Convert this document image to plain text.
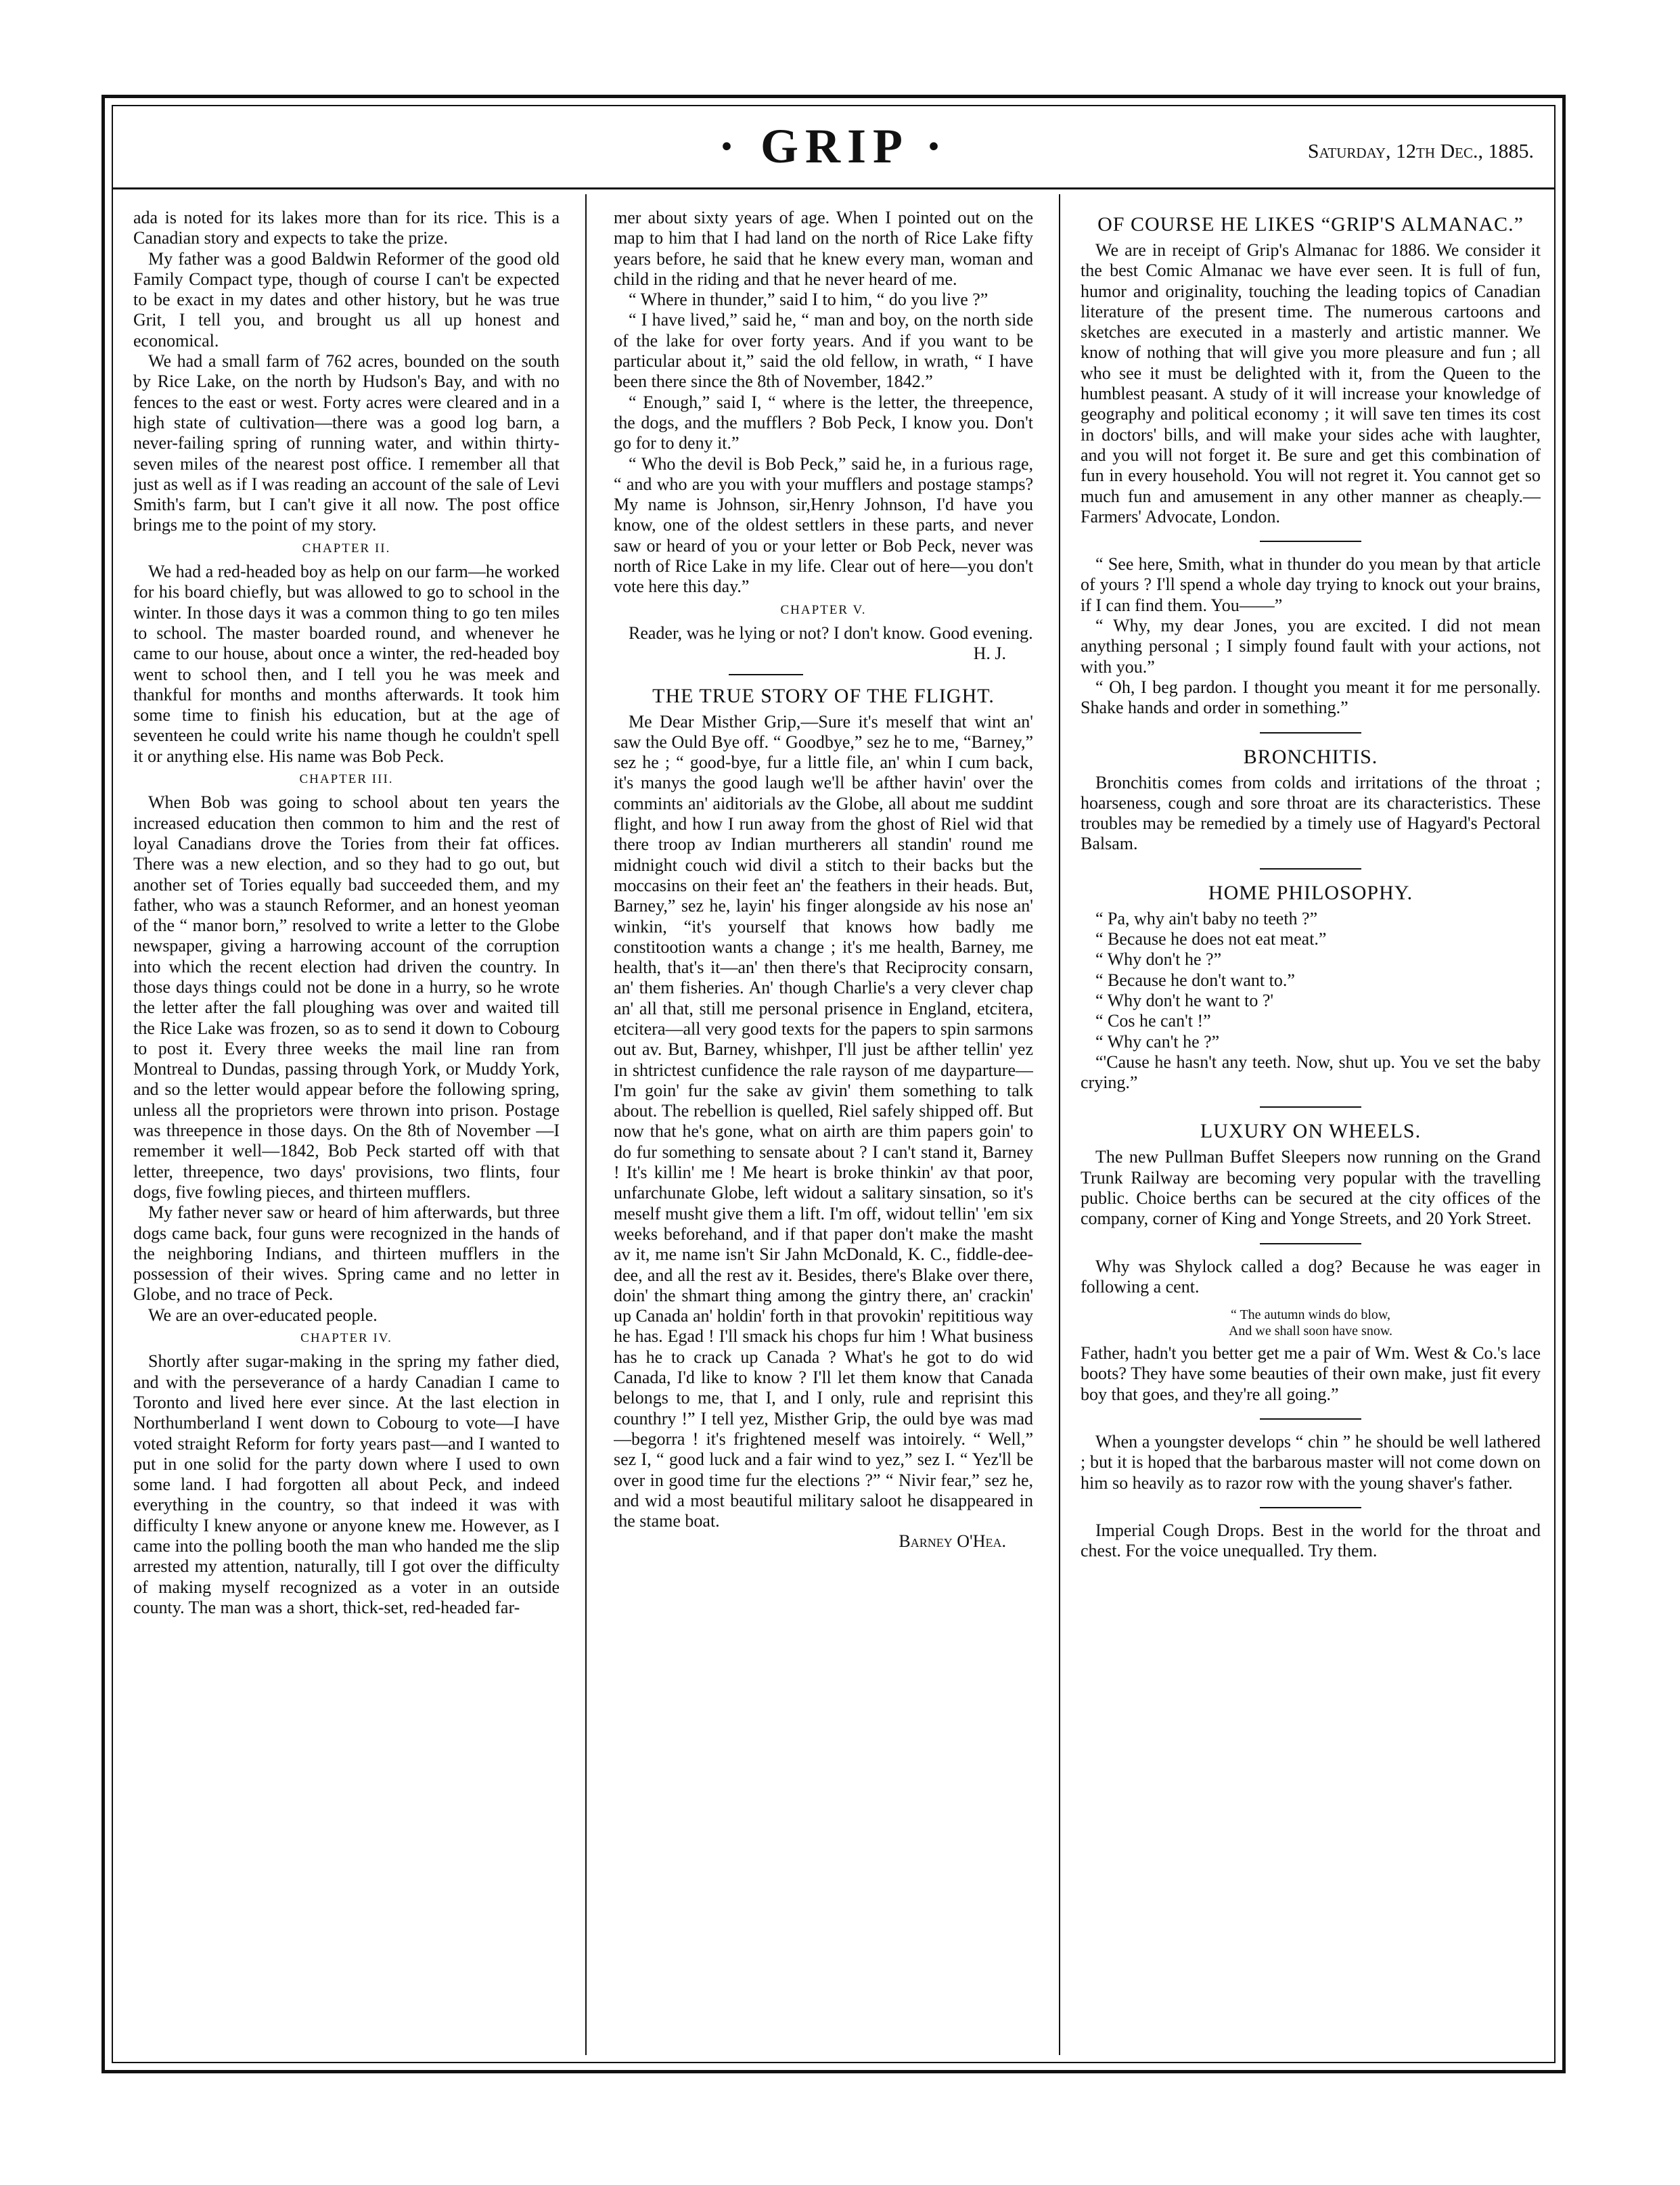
· GRIP ·	Saturday, 12th Dec., 1885.

ada is noted for its lakes more than for its rice. This is a Canadian story and expects to take the prize.

My father was a good Baldwin Reformer of the good old Family Compact type, though of course I can't be expected to be exact in my dates and other history, but he was true Grit, I tell you, and brought us all up honest and economical.

We had a small farm of 762 acres, bounded on the south by Rice Lake, on the north by Hudson's Bay, and with no fences to the east or west. Forty acres were cleared and in a high state of cultivation—there was a good log barn, a never-failing spring of running water, and within thirty-seven miles of the nearest post office. I remember all that just as well as if I was reading an account of the sale of Levi Smith's farm, but I can't give it all now. The post office brings me to the point of my story.

CHAPTER II.

We had a red-headed boy as help on our farm—he worked for his board chiefly, but was allowed to go to school in the winter. In those days it was a common thing to go ten miles to school. The master boarded round, and whenever he came to our house, about once a winter, the red-headed boy went to school then, and I tell you he was meek and thankful for months and months afterwards. It took him some time to finish his education, but at the age of seventeen he could write his name though he couldn't spell it or anything else. His name was Bob Peck.

CHAPTER III.

When Bob was going to school about ten years the increased education then common to him and the rest of loyal Canadians drove the Tories from their fat offices. There was a new election, and so they had to go out, but another set of Tories equally bad succeeded them, and my father, who was a staunch Reformer, and an honest yeoman of the “ manor born,” resolved to write a letter to the Globe newspaper, giving a harrowing account of the corruption into which the recent election had driven the country. In those days things could not be done in a hurry, so he wrote the letter after the fall ploughing was over and waited till the Rice Lake was frozen, so as to send it down to Cobourg to post it. Every three weeks the mail line ran from Montreal to Dundas, passing through York, or Muddy York, and so the letter would appear before the following spring, unless all the proprietors were thrown into prison. Postage was threepence in those days. On the 8th of November —I remember it well—1842, Bob Peck started off with that letter, threepence, two days' provisions, two flints, four dogs, five fowling pieces, and thirteen mufflers.

My father never saw or heard of him afterwards, but three dogs came back, four guns were recognized in the hands of the neighboring Indians, and thirteen mufflers in the possession of their wives. Spring came and no letter in Globe, and no trace of Peck.

We are an over-educated people.

CHAPTER IV.

Shortly after sugar-making in the spring my father died, and with the perseverance of a hardy Canadian I came to Toronto and lived here ever since. At the last election in Northumberland I went down to Cobourg to vote—I have voted straight Reform for forty years past—and I wanted to put in one solid for the party down where I used to own some land. I had forgotten all about Peck, and indeed everything in the country, so that indeed it was with difficulty I knew anyone or anyone knew me. However, as I came into the polling booth the man who handed me the slip arrested my attention, naturally, till I got over the difficulty of making myself recognized as a voter in an outside county. The man was a short, thick-set, red-headed far-

mer about sixty years of age. When I pointed out on the map to him that I had land on the north of Rice Lake fifty years before, he said that he knew every man, woman and child in the riding and that he never heard of me.

“ Where in thunder,” said I to him, “ do you live ?”

“ I have lived,” said he, “ man and boy, on the north side of the lake for over forty years. And if you want to be particular about it,” said the old fellow, in wrath, “ I have been there since the 8th of November, 1842.”

“ Enough,” said I, “ where is the letter, the threepence, the dogs, and the mufflers ? Bob Peck, I know you. Don't go for to deny it.”

“ Who the devil is Bob Peck,” said he, in a furious rage, “ and who are you with your mufflers and postage stamps? My name is Johnson, sir,Henry Johnson, I'd have you know, one of the oldest settlers in these parts, and never saw or heard of you or your letter or Bob Peck, never was north of Rice Lake in my life. Clear out of here—you don't vote here this day.”

CHAPTER V.

Reader, was he lying or not? I don't know. Good evening.

H. J.

THE TRUE STORY OF THE FLIGHT.

Me Dear Misther Grip,—Sure it's meself that wint an' saw the Ould Bye off. “ Goodbye,” sez he to me, “Barney,” sez he ; “ good-bye, fur a little file, an' whin I cum back, it's manys the good laugh we'll be afther havin' over the commints an' aiditorials av the Globe, all about me suddint flight, and how I run away from the ghost of Riel wid that there troop av Indian murtherers all standin' round me midnight couch wid divil a stitch to their backs but the moccasins on their feet an' the feathers in their heads. But, Barney,” sez he, layin' his finger alongside av his nose an' winkin, “it's yourself that knows how badly me constitootion wants a change ; it's me health, Barney, me health, that's it—an' then there's that Reciprocity consarn, an' them fisheries. An' though Charlie's a very clever chap an' all that, still me personal prisence in England, etcitera, etcitera—all very good texts for the papers to spin sarmons out av. But, Barney, whishper, I'll just be afther tellin' yez in shtrictest cunfidence the rale rayson of me dayparture—I'm goin' fur the sake av givin' them something to talk about. The rebellion is quelled, Riel safely shipped off. But now that he's gone, what on airth are thim papers goin' to do fur something to sensate about ? I can't stand it, Barney ! It's killin' me ! Me heart is broke thinkin' av that poor, unfarchunate Globe, left widout a salitary sinsation, so it's meself musht give them a lift. I'm off, widout tellin' 'em six weeks beforehand, and if that paper don't make the masht av it, me name isn't Sir Jahn McDonald, K. C., fiddle-dee-dee, and all the rest av it. Besides, there's Blake over there, doin' the shmart thing among the gintry there, an' crackin' up Canada an' holdin' forth in that provokin' repititious way he has. Egad ! I'll smack his chops fur him ! What business has he to crack up Canada ? What's he got to do wid Canada, I'd like to know ? I'll let them know that Canada belongs to me, that I, and I only, rule and reprisint this counthry !” I tell yez, Misther Grip, the ould bye was mad—begorra ! it's frightened meself was intoirely. “ Well,” sez I, “ good luck and a fair wind to yez,” sez I. “ Yez'll be over in good time fur the elections ?” “ Nivir fear,” sez he, and wid a most beautiful military saloot he disappeared in the stame boat.

Barney O'Hea.

OF COURSE HE LIKES “GRIP'S ALMANAC.”

We are in receipt of Grip's Almanac for 1886. We consider it the best Comic Almanac we have ever seen. It is full of fun, humor and originality, touching the leading topics of Canadian literature of the present time. The numerous cartoons and sketches are executed in a masterly and artistic manner. We know of nothing that will give you more pleasure and fun ; all who see it must be delighted with it, from the Queen to the humblest peasant. A study of it will increase your knowledge of geography and political economy ; it will save ten times its cost in doctors' bills, and will make your sides ache with laughter, and you will not forget it. Be sure and get this combination of fun in every household. You will not regret it. You cannot get so much fun and amusement in any other manner as cheaply.—Farmers' Advocate, London.

“ See here, Smith, what in thunder do you mean by that article of yours ? I'll spend a whole day trying to knock out your brains, if I can find them. You——”

“ Why, my dear Jones, you are excited. I did not mean anything personal ; I simply found fault with your actions, not with you.”

“ Oh, I beg pardon. I thought you meant it for me personally. Shake hands and order in something.”

BRONCHITIS.

Bronchitis comes from colds and irritations of the throat ; hoarseness, cough and sore throat are its characteristics. These troubles may be remedied by a timely use of Hagyard's Pectoral Balsam.

HOME PHILOSOPHY.

“ Pa, why ain't baby no teeth ?”

“ Because he does not eat meat.”

“ Why don't he ?”

“ Because he don't want to.”

“ Why don't he want to ?'

“ Cos he can't !”

“ Why can't he ?”

“'Cause he hasn't any teeth. Now, shut up. You ve set the baby crying.”

LUXURY ON WHEELS.

The new Pullman Buffet Sleepers now running on the Grand Trunk Railway are becoming very popular with the travelling public. Choice berths can be secured at the city offices of the company, corner of King and Yonge Streets, and 20 York Street.

Why was Shylock called a dog? Because he was eager in following a cent.

“ The autumn winds do blow,
And we shall soon have snow.

Father, hadn't you better get me a pair of Wm. West & Co.'s lace boots? They have some beauties of their own make, just fit every boy that goes, and they're all going.”

When a youngster develops “ chin ” he should be well lathered ; but it is hoped that the barbarous master will not come down on him so heavily as to razor row with the young shaver's father.

Imperial Cough Drops. Best in the world for the throat and chest. For the voice unequalled. Try them.
